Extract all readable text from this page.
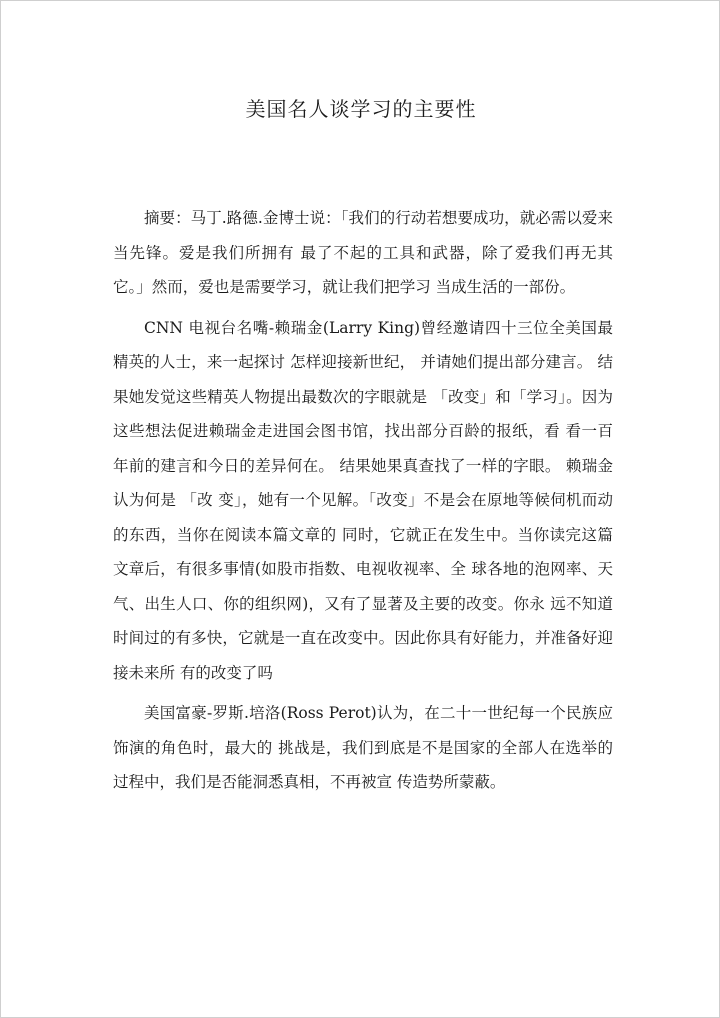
美国名人谈学习的主要性

摘要：马丁.路德.金博士说：「我们的行动若想要成功，就必需以爱来当先锋。爱是我们所拥有 最了不起的工具和武器，除了爱我们再无其它。」然而，爱也是需要学习，就让我们把学习 当成生活的一部份。

CNN 电视台名嘴-赖瑞金(Larry King)曾经邀请四十三位全美国最精英的人士，来一起探讨 怎样迎接新世纪， 并请她们提出部分建言。 结果她发觉这些精英人物提出最数次的字眼就是 「改变」和「学习」。因为这些想法促进赖瑞金走进国会图书馆，找出部分百龄的报纸，看 看一百年前的建言和今日的差异何在。 结果她果真查找了一样的字眼。 赖瑞金认为何是 「改 变」，她有一个见解。「改变」不是会在原地等候伺机而动的东西，当你在阅读本篇文章的 同时，它就正在发生中。当你读完这篇文章后，有很多事情(如股市指数、电视收视率、全 球各地的泡网率、天气、出生人口、你的组织网)，又有了显著及主要的改变。你永 远不知道时间过的有多快，它就是一直在改变中。因此你具有好能力，并准备好迎接未来所 有的改变了吗

美国富豪-罗斯.培洛(Ross Perot)认为，在二十一世纪每一个民族应饰演的角色时，最大的 挑战是，我们到底是不是国家的全部人在选举的过程中，我们是否能洞悉真相，不再被宣 传造势所蒙蔽。
